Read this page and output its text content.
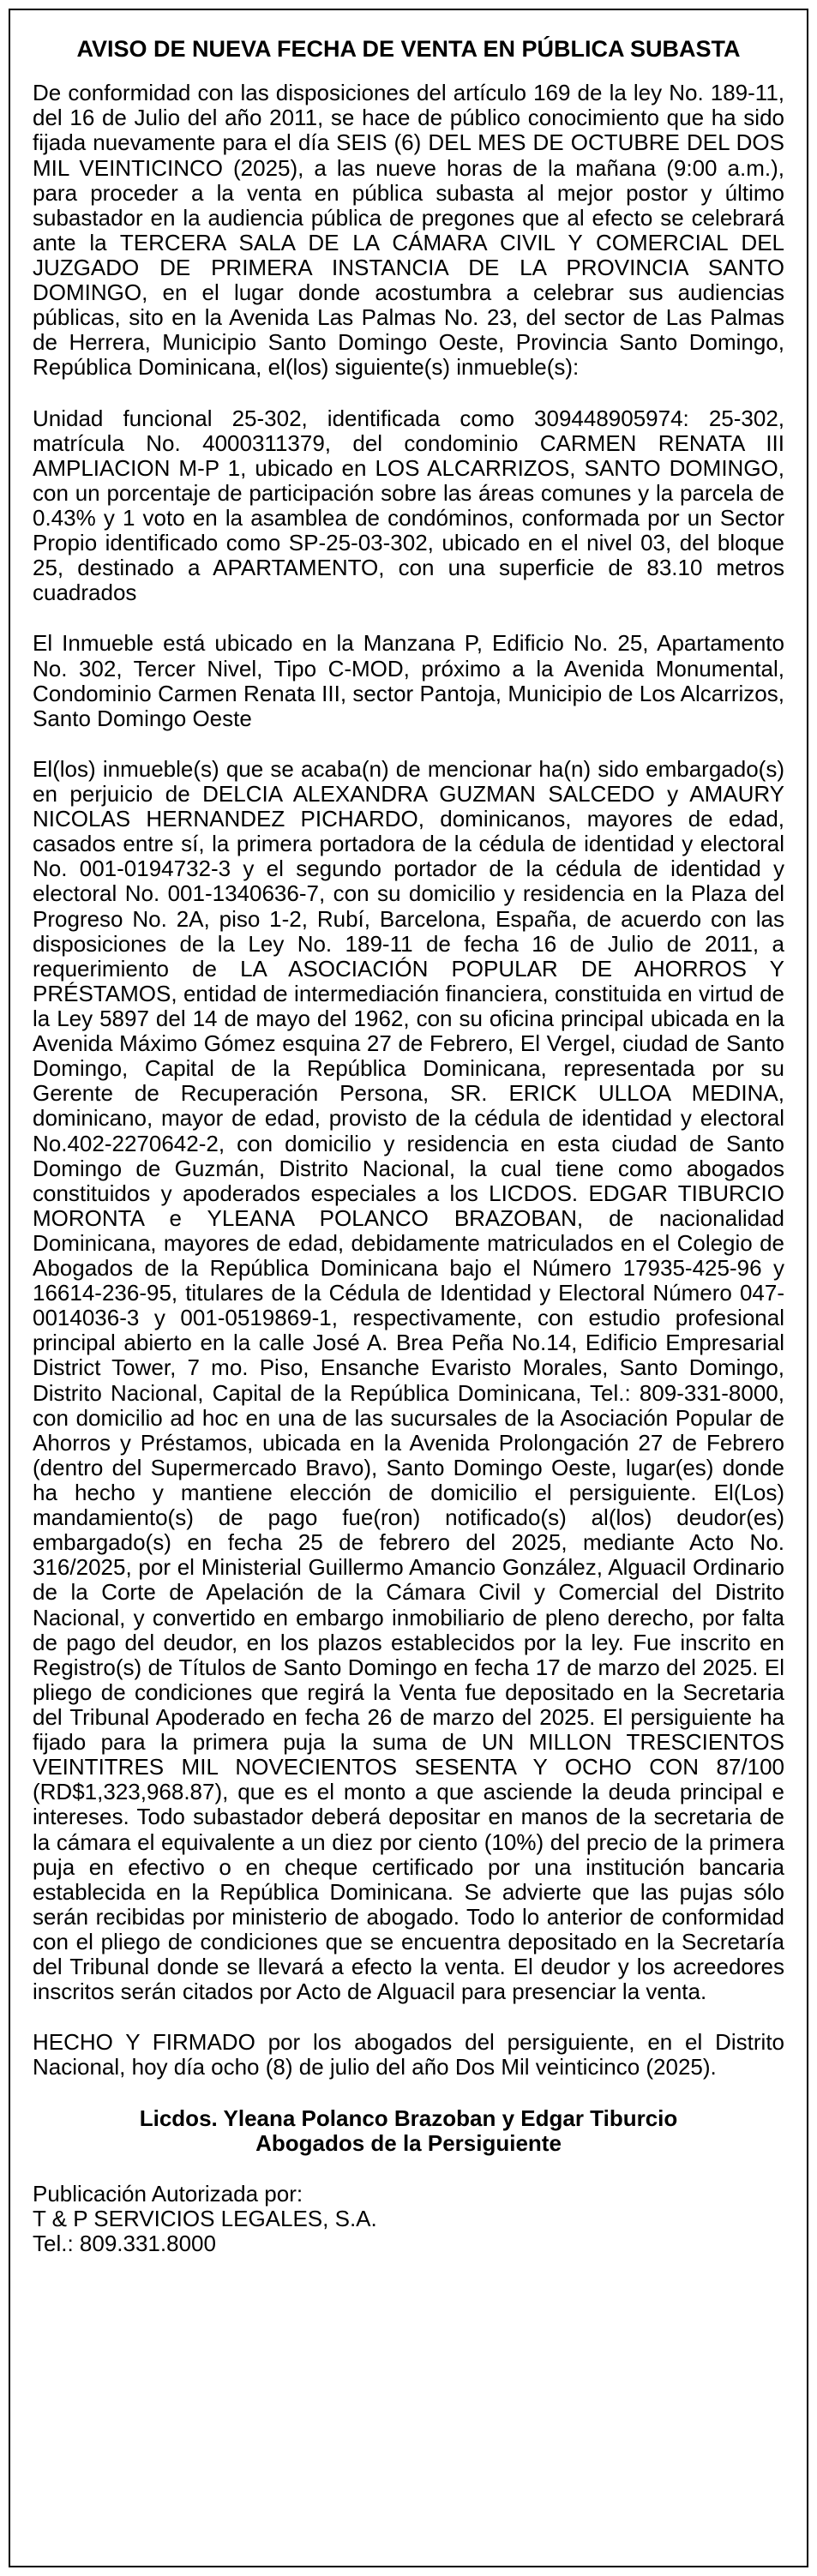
AVISO DE NUEVA FECHA DE VENTA EN PÚBLICA SUBASTA
De conformidad con las disposiciones del artículo 169 de la ley No. 189-11, del 16 de Julio del año 2011, se hace de público conocimiento que ha sido fijada nuevamente para el día SEIS (6) DEL MES DE OCTUBRE DEL DOS MIL VEINTICINCO (2025), a las nueve horas de la mañana (9:00 a.m.), para proceder a la venta en pública subasta al mejor postor y último subastador en la audiencia pública de pregones que al efecto se celebrará ante la TERCERA SALA DE LA CÁMARA CIVIL Y COMERCIAL DEL JUZGADO DE PRIMERA INSTANCIA DE LA PROVINCIA SANTO DOMINGO, en el lugar donde acostumbra a celebrar sus audiencias públicas, sito en la Avenida Las Palmas No. 23, del sector de Las Palmas de Herrera, Municipio Santo Domingo Oeste, Provincia Santo Domingo, República Dominicana, el(los) siguiente(s) inmueble(s):
Unidad funcional 25-302, identificada como 309448905974: 25-302, matrícula No. 4000311379, del condominio CARMEN RENATA III AMPLIACION M-P 1, ubicado en LOS ALCARRIZOS, SANTO DOMINGO, con un porcentaje de participación sobre las áreas comunes y la parcela de 0.43% y 1 voto en la asamblea de condóminos, conformada por un Sector Propio identificado como SP-25-03-302, ubicado en el nivel 03, del bloque 25, destinado a APARTAMENTO, con una superficie de 83.10 metros cuadrados
El Inmueble está ubicado en la Manzana P, Edificio No. 25, Apartamento No. 302, Tercer Nivel, Tipo C-MOD, próximo a la Avenida Monumental, Condominio Carmen Renata III, sector Pantoja, Municipio de Los Alcarrizos, Santo Domingo Oeste
El(los) inmueble(s) que se acaba(n) de mencionar ha(n) sido embargado(s) en perjuicio de DELCIA ALEXANDRA GUZMAN SALCEDO y AMAURY NICOLAS HERNANDEZ PICHARDO, dominicanos, mayores de edad, casados entre sí, la primera portadora de la cédula de identidad y electoral No. 001-0194732-3 y el segundo portador de la cédula de identidad y electoral No. 001-1340636-7, con su domicilio y residencia en la Plaza del Progreso No. 2A, piso 1-2, Rubí, Barcelona, España, de acuerdo con las disposiciones de la Ley No. 189-11 de fecha 16 de Julio de 2011, a requerimiento de LA ASOCIACIÓN POPULAR DE AHORROS Y PRÉSTAMOS, entidad de intermediación financiera, constituida en virtud de la Ley 5897 del 14 de mayo del 1962, con su oficina principal ubicada en la Avenida Máximo Gómez esquina 27 de Febrero, El Vergel, ciudad de Santo Domingo, Capital de la República Dominicana, representada por su Gerente de Recuperación Persona, SR. ERICK ULLOA MEDINA, dominicano, mayor de edad, provisto de la cédula de identidad y electoral No.402-2270642-2, con domicilio y residencia en esta ciudad de Santo Domingo de Guzmán, Distrito Nacional, la cual tiene como abogados constituidos y apoderados especiales a los LICDOS. EDGAR TIBURCIO MORONTA e YLEANA POLANCO BRAZOBAN, de nacionalidad Dominicana, mayores de edad, debidamente matriculados en el Colegio de Abogados de la República Dominicana bajo el Número 17935-425-96 y 16614-236-95, titulares de la Cédula de Identidad y Electoral Número 047-0014036-3 y 001-0519869-1, respectivamente, con estudio profesional principal abierto en la calle José A. Brea Peña No.14, Edificio Empresarial District Tower, 7 mo. Piso, Ensanche Evaristo Morales, Santo Domingo, Distrito Nacional, Capital de la República Dominicana, Tel.: 809-331-8000, con domicilio ad hoc en una de las sucursales de la Asociación Popular de Ahorros y Préstamos, ubicada en la Avenida Prolongación 27 de Febrero (dentro del Supermercado Bravo), Santo Domingo Oeste, lugar(es) donde ha hecho y mantiene elección de domicilio el persiguiente. El(Los) mandamiento(s) de pago fue(ron) notificado(s) al(los) deudor(es) embargado(s) en fecha 25 de febrero del 2025, mediante Acto No. 316/2025, por el Ministerial Guillermo Amancio González, Alguacil Ordinario de la Corte de Apelación de la Cámara Civil y Comercial del Distrito Nacional, y convertido en embargo inmobiliario de pleno derecho, por falta de pago del deudor, en los plazos establecidos por la ley. Fue inscrito en Registro(s) de Títulos de Santo Domingo en fecha 17 de marzo del 2025. El pliego de condiciones que regirá la Venta fue depositado en la Secretaria del Tribunal Apoderado en fecha 26 de marzo del 2025. El persiguiente ha fijado para la primera puja la suma de UN MILLON TRESCIENTOS VEINTITRES MIL NOVECIENTOS SESENTA Y OCHO CON 87/100 (RD$1,323,968.87), que es el monto a que asciende la deuda principal e intereses. Todo subastador deberá depositar en manos de la secretaria de la cámara el equivalente a un diez por ciento (10%) del precio de la primera puja en efectivo o en cheque certificado por una institución bancaria establecida en la República Dominicana. Se advierte que las pujas sólo serán recibidas por ministerio de abogado. Todo lo anterior de conformidad con el pliego de condiciones que se encuentra depositado en la Secretaría del Tribunal donde se llevará a efecto la venta. El deudor y los acreedores inscritos serán citados por Acto de Alguacil para presenciar la venta.
HECHO Y FIRMADO por los abogados del persiguiente, en el Distrito Nacional, hoy día ocho (8) de julio del año Dos Mil veinticinco (2025).
Licdos. Yleana Polanco Brazoban y Edgar Tiburcio
Abogados de la Persiguiente
Publicación Autorizada por:
T & P SERVICIOS LEGALES, S.A.
Tel.: 809.331.8000
